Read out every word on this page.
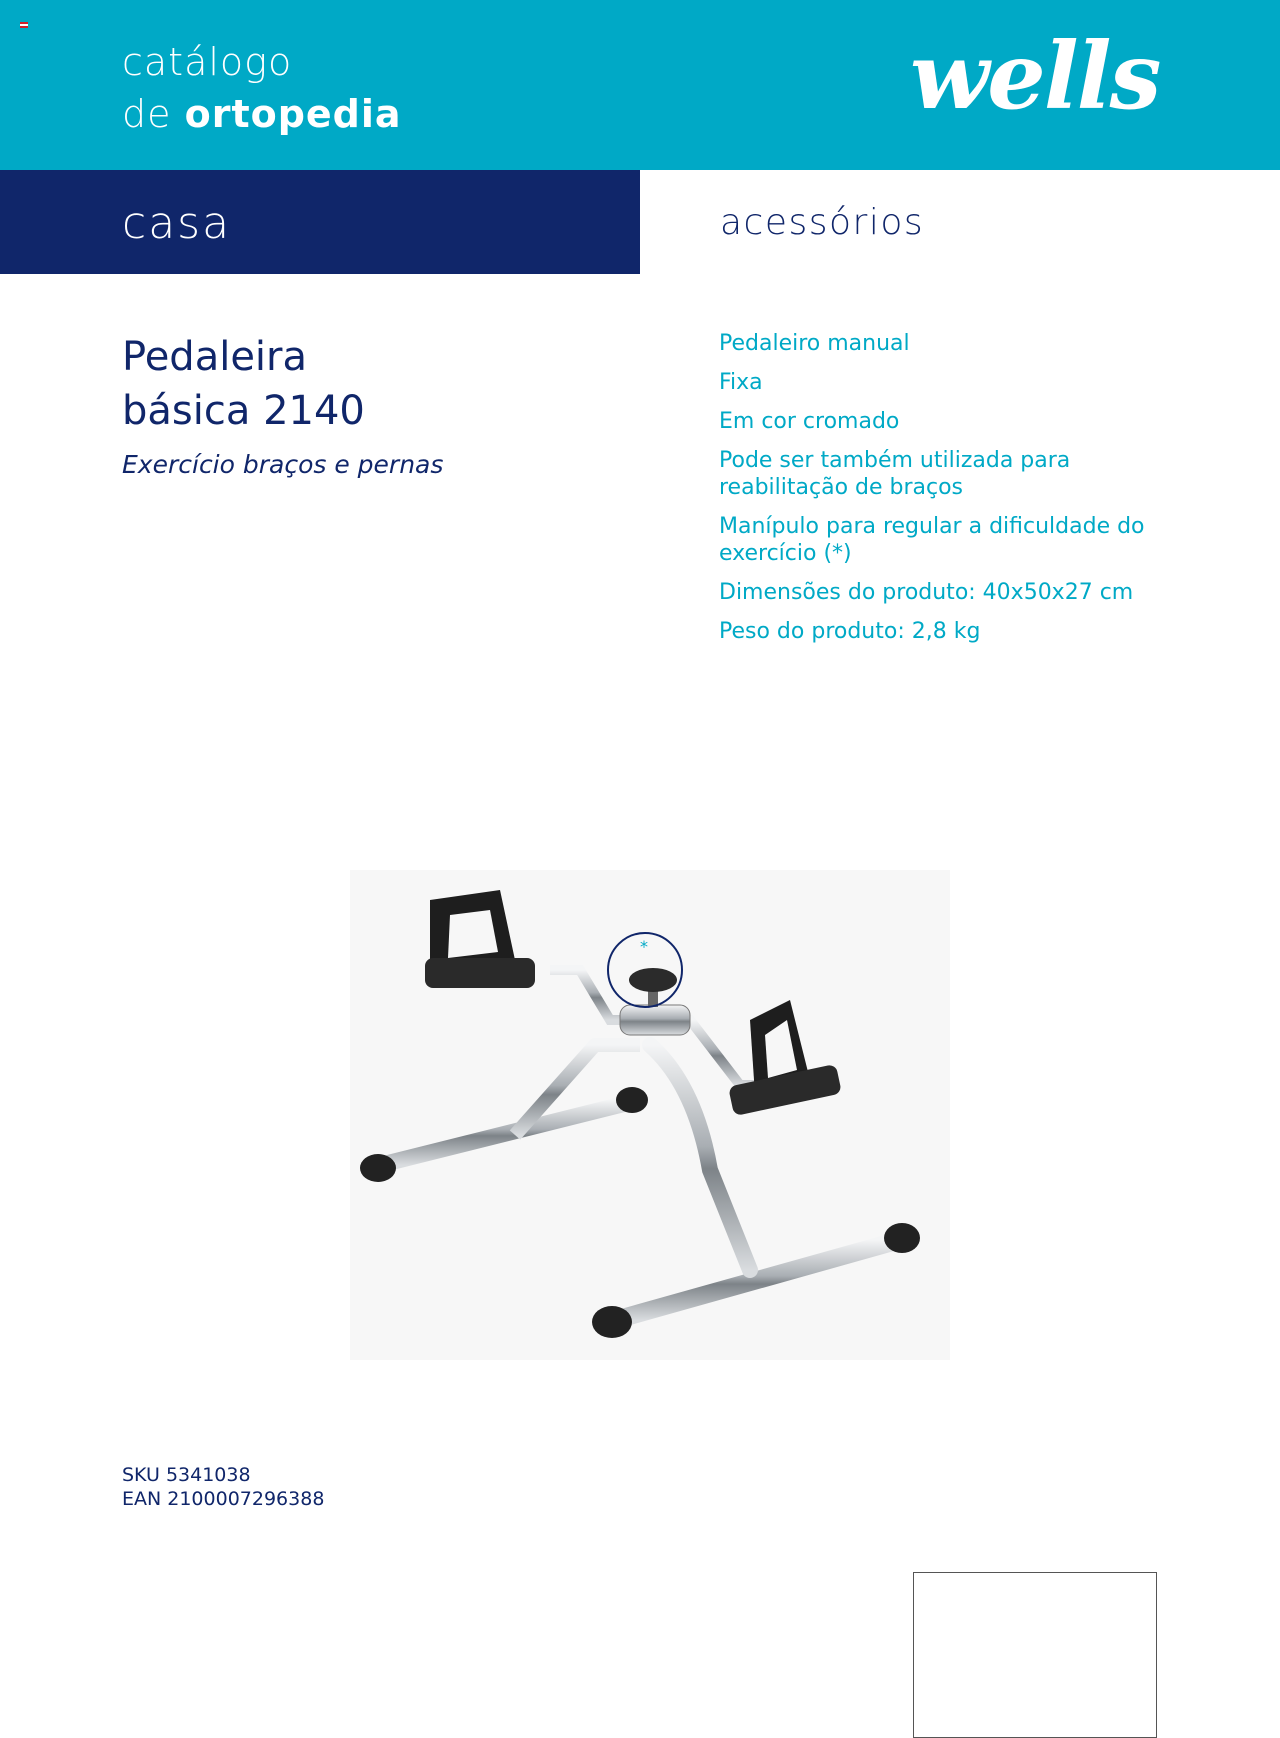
catálogo
de ortopedia	wells
casa	acessórios
Pedaleira
básica 2140
Exercício braços e pernas
Pedaleiro manual
Fixa
Em cor cromado
Pode ser também utilizada para reabilitação de braços
Manípulo para regular a dificuldade do exercício (*)
Dimensões do produto: 40x50x27 cm
Peso do produto: 2,8 kg
*
SKU 5341038
EAN 2100007296388
